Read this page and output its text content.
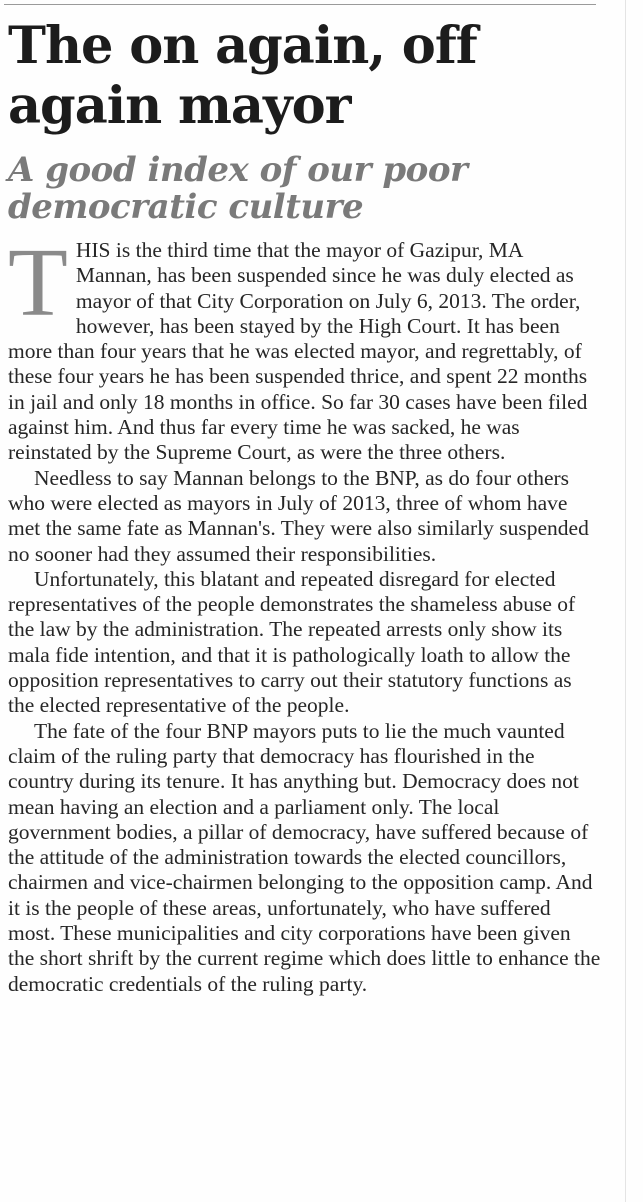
The on again, off again mayor
A good index of our poor democratic culture

THIS is the third time that the mayor of Gazipur, MA Mannan, has been suspended since he was duly elected as mayor of that City Corporation on July 6, 2013. The order, however, has been stayed by the High Court. It has been more than four years that he was elected mayor, and regrettably, of these four years he has been suspended thrice, and spent 22 months in jail and only 18 months in office. So far 30 cases have been filed against him. And thus far every time he was sacked, he was reinstated by the Supreme Court, as were the three others.

Needless to say Mannan belongs to the BNP, as do four others who were elected as mayors in July of 2013, three of whom have met the same fate as Mannan's. They were also similarly suspended no sooner had they assumed their responsibilities.

Unfortunately, this blatant and repeated disregard for elected representatives of the people demonstrates the shameless abuse of the law by the administration. The repeated arrests only show its mala fide intention, and that it is pathologically loath to allow the opposition representatives to carry out their statutory functions as the elected representative of the people.

The fate of the four BNP mayors puts to lie the much vaunted claim of the ruling party that democracy has flourished in the country during its tenure. It has anything but. Democracy does not mean having an election and a parliament only. The local government bodies, a pillar of democracy, have suffered because of the attitude of the administration towards the elected councillors, chairmen and vice-chairmen belonging to the opposition camp. And it is the people of these areas, unfortunately, who have suffered most. These municipalities and city corporations have been given the short shrift by the current regime which does little to enhance the democratic credentials of the ruling party.
